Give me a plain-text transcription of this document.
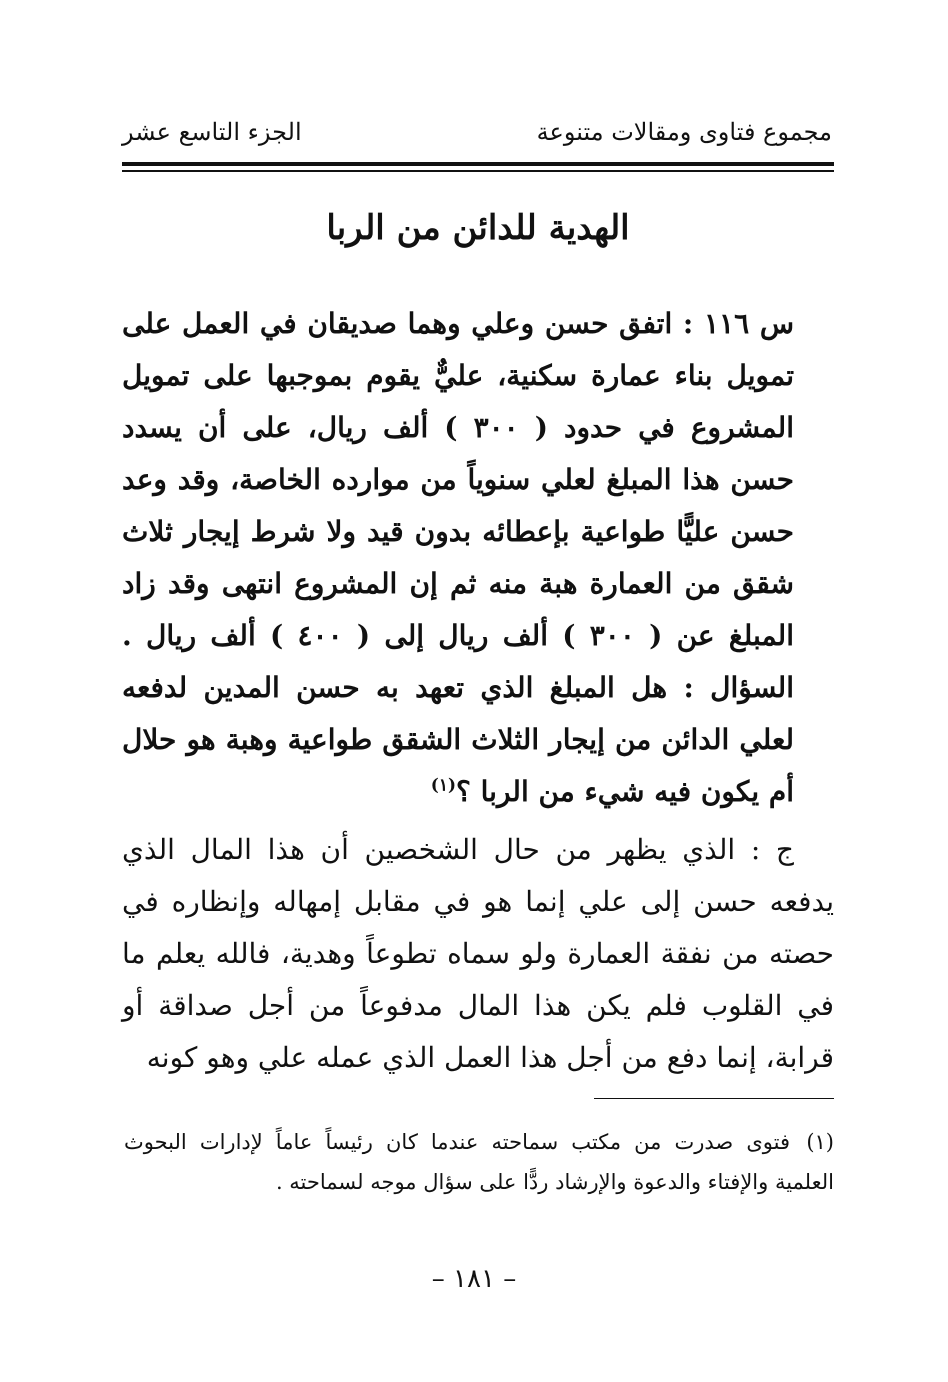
مجموع فتاوى ومقالات متنوعة
الجزء التاسع عشر
الهدية للدائن من الربا

س ١١٦ : اتفق حسن وعلي وهما صديقان في العمل على تمويل بناء عمارة سكنية، عليٌّ يقوم بموجبها على تمويل المشروع في حدود ( ٣٠٠ ) ألف ريال، على أن يسدد حسن هذا المبلغ لعلي سنوياً من موارده الخاصة، وقد وعد حسن عليًّا طواعية بإعطائه بدون قيد ولا شرط إيجار ثلاث شقق من العمارة هبة منه ثم إن المشروع انتهى وقد زاد المبلغ عن ( ٣٠٠ ) ألف ريال إلى ( ٤٠٠ ) ألف ريال . السؤال : هل المبلغ الذي تعهد به حسن المدين لدفعه لعلي الدائن من إيجار الثلاث الشقق طواعية وهبة هو حلال أم يكون فيه شيء من الربا ؟$^{(١)}$

ج : الذي يظهر من حال الشخصين أن هذا المال الذي يدفعه حسن إلى علي إنما هو في مقابل إمهاله وإنظاره في حصته من نفقة العمارة ولو سماه تطوعاً وهدية، فالله يعلم ما في القلوب فلم يكن هذا المال مدفوعاً من أجل صداقة أو قرابة، إنما دفع من أجل هذا العمل الذي عمله علي وهو كونه

(١)فتوى صدرت من مكتب سماحته عندما كان رئيساً عاماً لإدارات البحوث العلمية والإفتاء والدعوة والإرشاد ردًّا على سؤال موجه لسماحته .
– ١٨١ –
